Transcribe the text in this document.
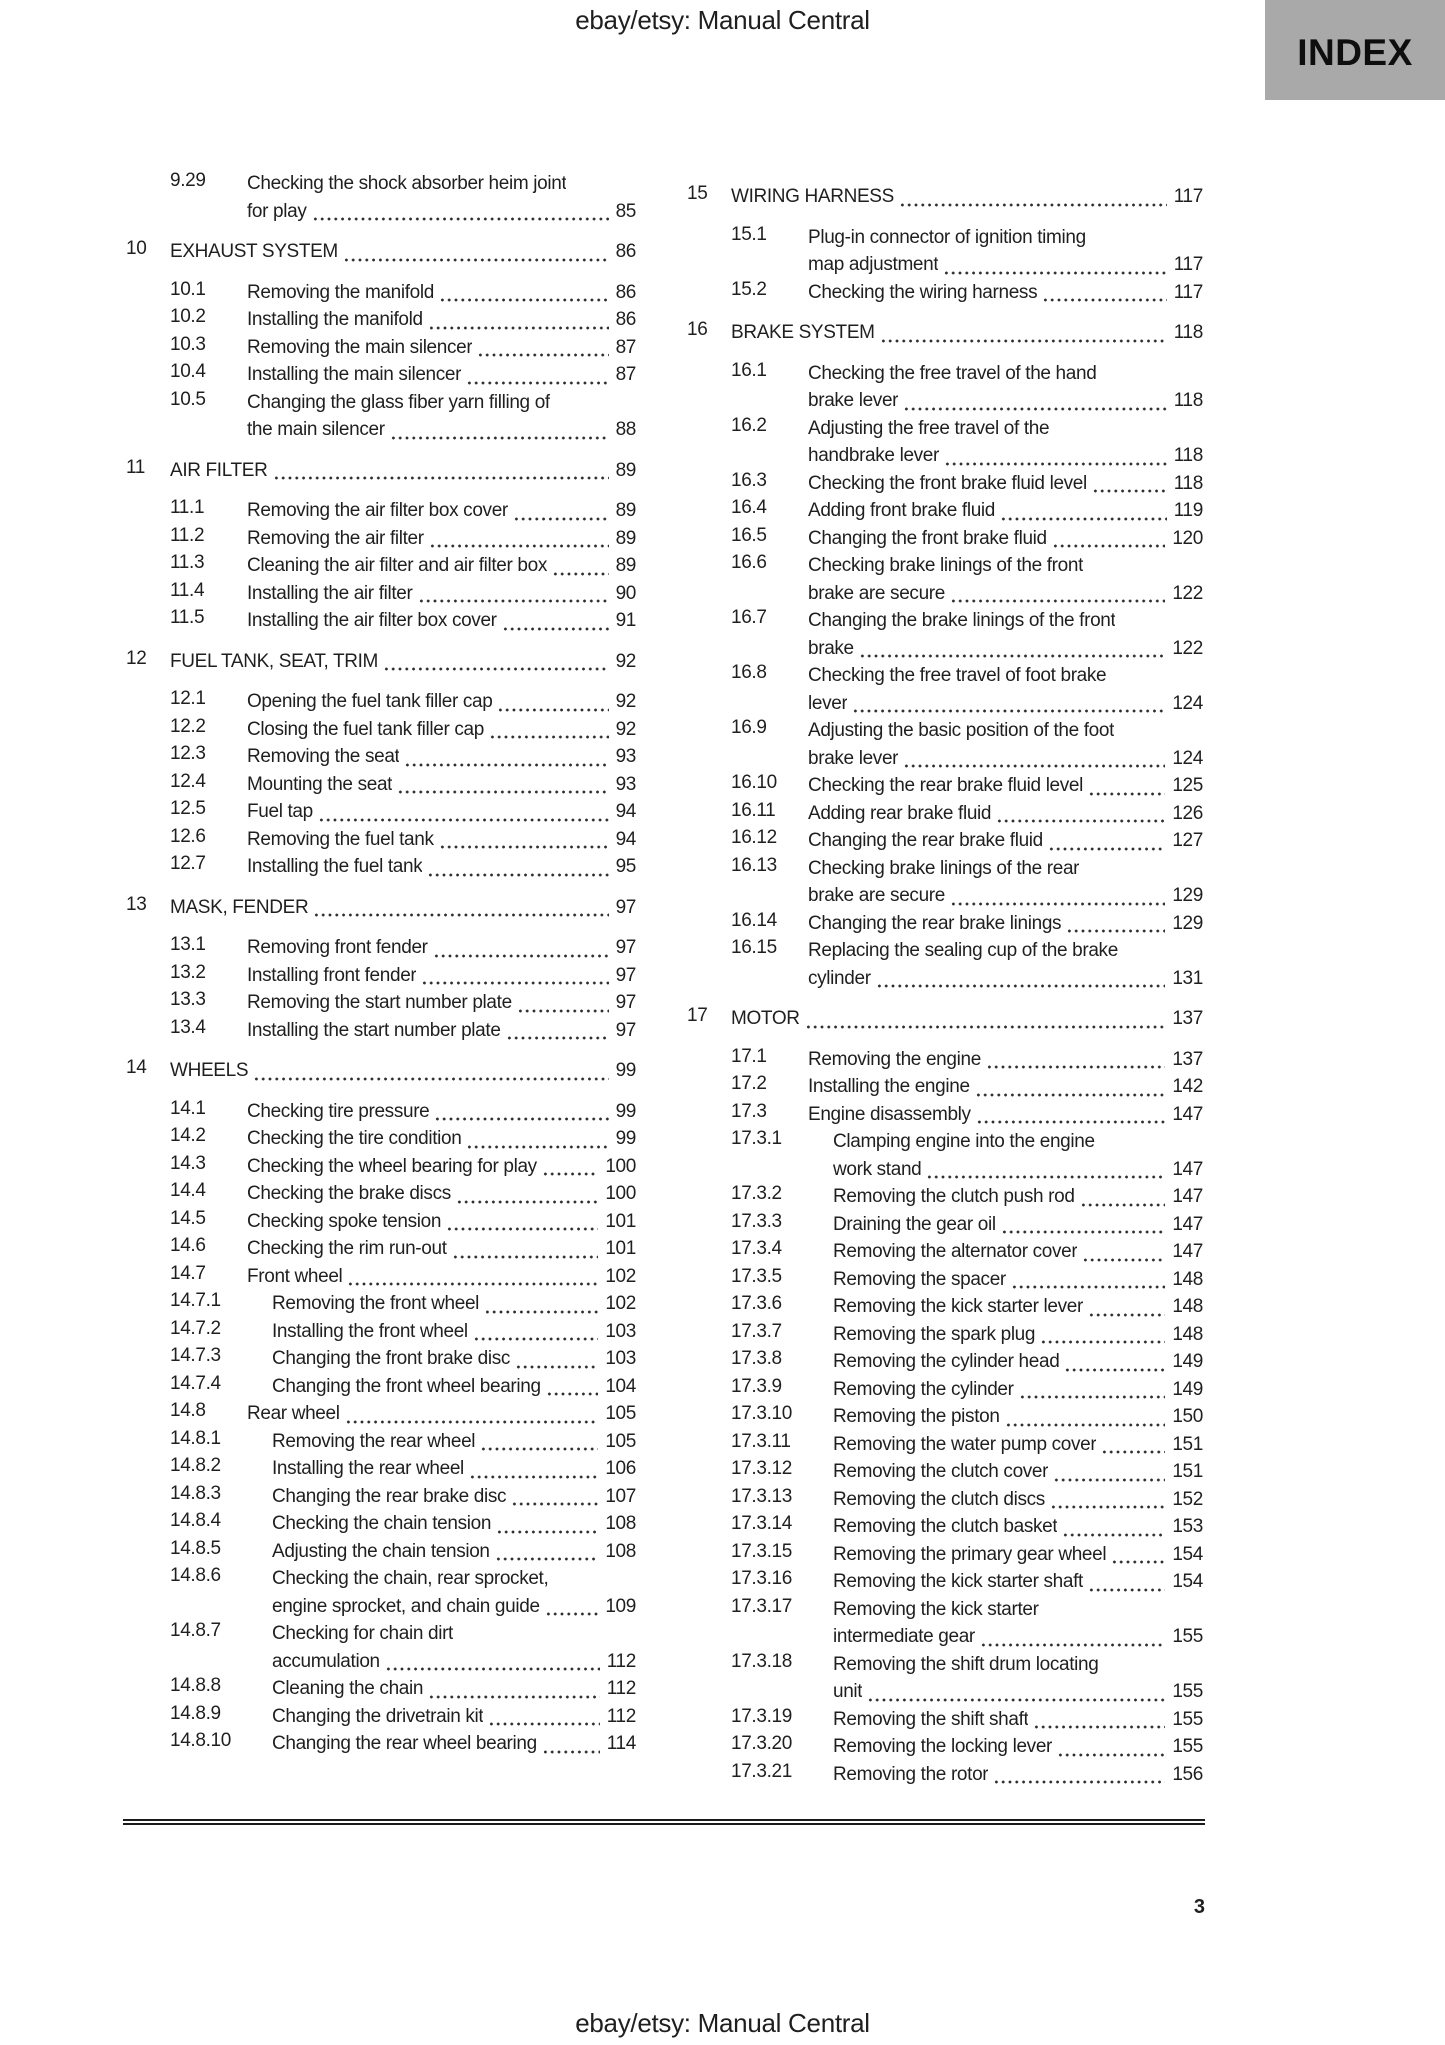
ebay/etsy: Manual Central
INDEX
9.29	Checking the shock absorber heim joint
for play	85
10	EXHAUST SYSTEM	86
10.1	Removing the manifold	86
10.2	Installing the manifold	86
10.3	Removing the main silencer	87
10.4	Installing the main silencer	87
10.5	Changing the glass fiber yarn filling of
the main silencer	88
11	AIR FILTER	89
11.1	Removing the air filter box cover	89
11.2	Removing the air filter	89
11.3	Cleaning the air filter and air filter box	89
11.4	Installing the air filter	90
11.5	Installing the air filter box cover	91
12	FUEL TANK, SEAT, TRIM	92
12.1	Opening the fuel tank filler cap	92
12.2	Closing the fuel tank filler cap	92
12.3	Removing the seat	93
12.4	Mounting the seat	93
12.5	Fuel tap	94
12.6	Removing the fuel tank	94
12.7	Installing the fuel tank	95
13	MASK, FENDER	97
13.1	Removing front fender	97
13.2	Installing front fender	97
13.3	Removing the start number plate	97
13.4	Installing the start number plate	97
14	WHEELS	99
14.1	Checking tire pressure	99
14.2	Checking the tire condition	99
14.3	Checking the wheel bearing for play	100
14.4	Checking the brake discs	100
14.5	Checking spoke tension	101
14.6	Checking the rim run-out	101
14.7	Front wheel	102
14.7.1	Removing the front wheel	102
14.7.2	Installing the front wheel	103
14.7.3	Changing the front brake disc	103
14.7.4	Changing the front wheel bearing	104
14.8	Rear wheel	105
14.8.1	Removing the rear wheel	105
14.8.2	Installing the rear wheel	106
14.8.3	Changing the rear brake disc	107
14.8.4	Checking the chain tension	108
14.8.5	Adjusting the chain tension	108
14.8.6	Checking the chain, rear sprocket,
engine sprocket, and chain guide	109
14.8.7	Checking for chain dirt
accumulation	112
14.8.8	Cleaning the chain	112
14.8.9	Changing the drivetrain kit	112
14.8.10	Changing the rear wheel bearing	114
15	WIRING HARNESS	117
15.1	Plug-in connector of ignition timing
map adjustment	117
15.2	Checking the wiring harness	117
16	BRAKE SYSTEM	118
16.1	Checking the free travel of the hand
brake lever	118
16.2	Adjusting the free travel of the
handbrake lever	118
16.3	Checking the front brake fluid level	118
16.4	Adding front brake fluid	119
16.5	Changing the front brake fluid	120
16.6	Checking brake linings of the front
brake are secure	122
16.7	Changing the brake linings of the front
brake	122
16.8	Checking the free travel of foot brake
lever	124
16.9	Adjusting the basic position of the foot
brake lever	124
16.10	Checking the rear brake fluid level	125
16.11	Adding rear brake fluid	126
16.12	Changing the rear brake fluid	127
16.13	Checking brake linings of the rear
brake are secure	129
16.14	Changing the rear brake linings	129
16.15	Replacing the sealing cup of the brake
cylinder	131
17	MOTOR	137
17.1	Removing the engine	137
17.2	Installing the engine	142
17.3	Engine disassembly	147
17.3.1	Clamping engine into the engine
work stand	147
17.3.2	Removing the clutch push rod	147
17.3.3	Draining the gear oil	147
17.3.4	Removing the alternator cover	147
17.3.5	Removing the spacer	148
17.3.6	Removing the kick starter lever	148
17.3.7	Removing the spark plug	148
17.3.8	Removing the cylinder head	149
17.3.9	Removing the cylinder	149
17.3.10	Removing the piston	150
17.3.11	Removing the water pump cover	151
17.3.12	Removing the clutch cover	151
17.3.13	Removing the clutch discs	152
17.3.14	Removing the clutch basket	153
17.3.15	Removing the primary gear wheel	154
17.3.16	Removing the kick starter shaft	154
17.3.17	Removing the kick starter
intermediate gear	155
17.3.18	Removing the shift drum locating
unit	155
17.3.19	Removing the shift shaft	155
17.3.20	Removing the locking lever	155
17.3.21	Removing the rotor	156
3
ebay/etsy: Manual Central
